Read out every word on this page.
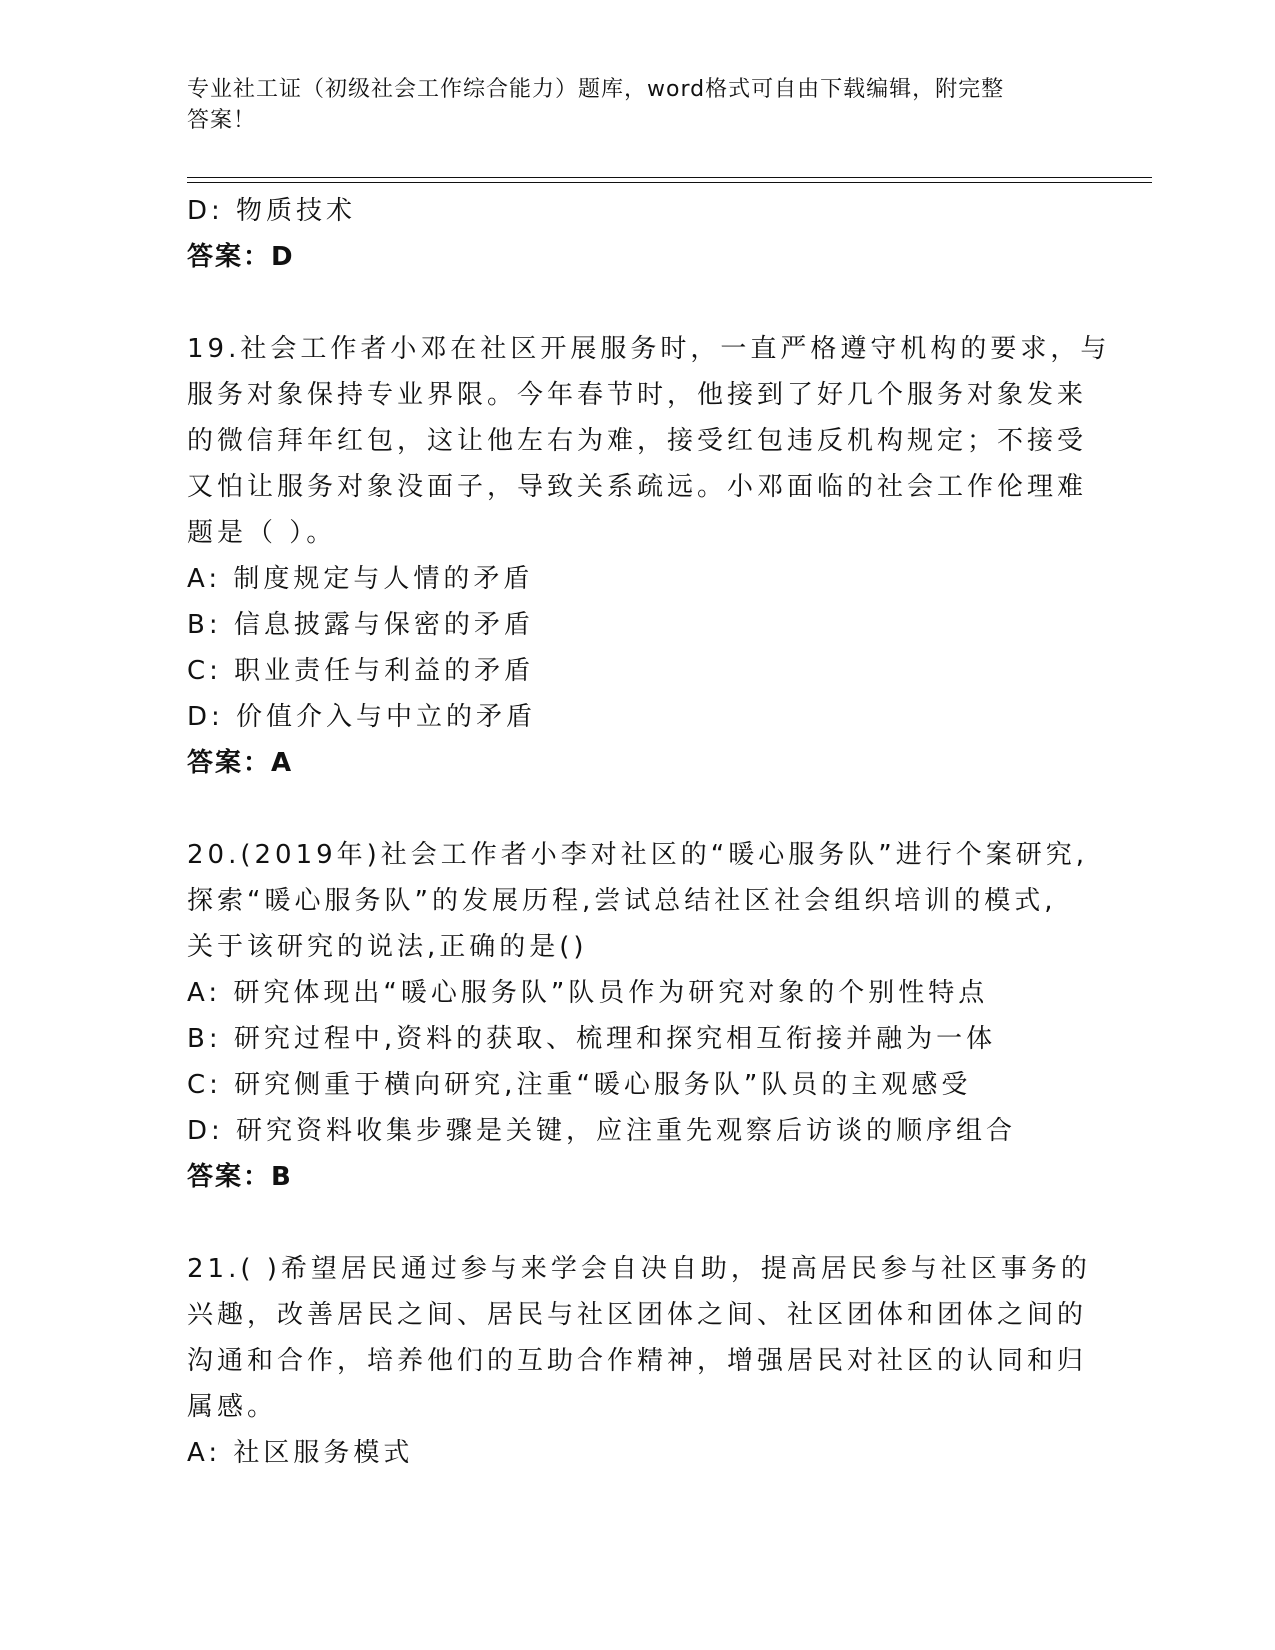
专业社工证（初级社会工作综合能力）题库，word格式可自由下载编辑，附完整
答案！
D: 物质技术
答案：D
19.社会工作者小邓在社区开展服务时，一直严格遵守机构的要求，与
服务对象保持专业界限。今年春节时，他接到了好几个服务对象发来
的微信拜年红包，这让他左右为难，接受红包违反机构规定；不接受
又怕让服务对象没面子，导致关系疏远。小邓面临的社会工作伦理难
题是（ ）。
A: 制度规定与人情的矛盾
B: 信息披露与保密的矛盾
C: 职业责任与利益的矛盾
D: 价值介入与中立的矛盾
答案：A
20.(2019年)社会工作者小李对社区的“暖心服务队”进行个案研究,
探索“暖心服务队”的发展历程,尝试总结社区社会组织培训的模式,
关于该研究的说法,正确的是()
A: 研究体现出“暖心服务队”队员作为研究对象的个别性特点
B: 研究过程中,资料的获取、梳理和探究相互衔接并融为一体
C: 研究侧重于横向研究,注重“暖心服务队”队员的主观感受
D: 研究资料收集步骤是关键，应注重先观察后访谈的顺序组合
答案：B
21.( )希望居民通过参与来学会自决自助，提高居民参与社区事务的
兴趣，改善居民之间、居民与社区团体之间、社区团体和团体之间的
沟通和合作，培养他们的互助合作精神，增强居民对社区的认同和归
属感。
A: 社区服务模式
